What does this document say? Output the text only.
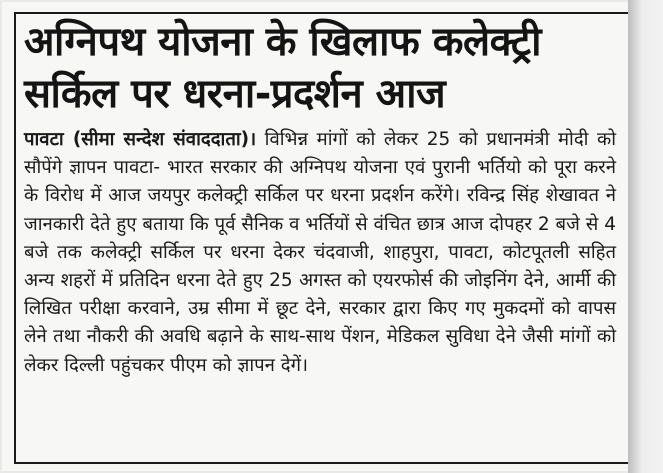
अग्निपथ योजना के खिलाफ कलेक्ट्री सर्किल पर धरना-प्रदर्शन आज

पावटा (सीमा सन्देश संवाददाता)। विभिन्न मांगों को लेकर 25 को प्रधानमंत्री मोदी को सौपेंगे ज्ञापन पावटा- भारत सरकार की अग्निपथ योजना एवं पुरानी भर्तियो को पूरा करने के विरोध में आज जयपुर कलेक्ट्री सर्किल पर धरना प्रदर्शन करेंगे। रविन्द्र सिंह शेखावत ने जानकारी देते हुए बताया कि पूर्व सैनिक व भर्तियों से वंचित छात्र आज दोपहर 2 बजे से 4 बजे तक कलेक्ट्री सर्किल पर धरना देकर चंदवाजी, शाहपुरा, पावटा, कोटपूतली सहित अन्य शहरों में प्रतिदिन धरना देते हुए 25 अगस्त को एयरफोर्स की जोइनिंग देने, आर्मी की लिखित परीक्षा करवाने, उम्र सीमा में छूट देने, सरकार द्वारा किए गए मुकदमों को वापस लेने तथा नौकरी की अवधि बढ़ाने के साथ-साथ पेंशन, मेडिकल सुविधा देने जैसी मांगों को लेकर दिल्ली पहुंचकर पीएम को ज्ञापन देगें।
